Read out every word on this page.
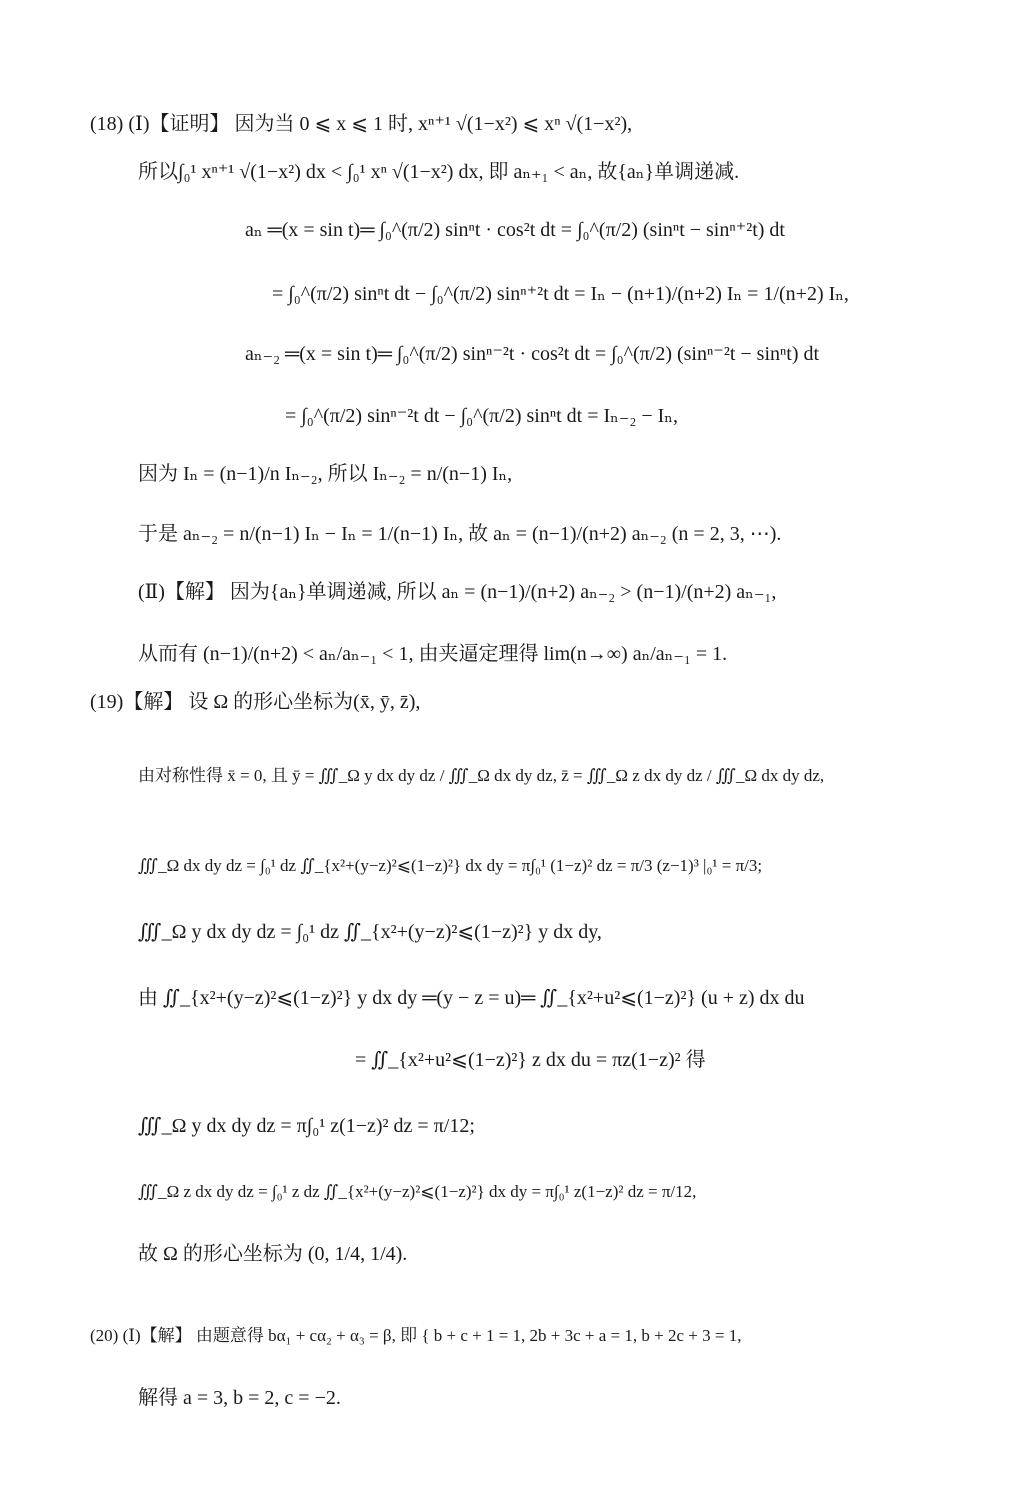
(18) (Ⅰ)【证明】 因为当 0 ⩽ x ⩽ 1 时, xⁿ⁺¹ √(1−x²) ⩽ xⁿ √(1−x²),
所以∫₀¹ xⁿ⁺¹ √(1−x²) dx < ∫₀¹ xⁿ √(1−x²) dx, 即 aₙ₊₁ < aₙ, 故{aₙ}单调递减.
aₙ ═(x = sin t)═ ∫₀^(π/2) sinⁿt · cos²t dt = ∫₀^(π/2) (sinⁿt − sinⁿ⁺²t) dt
= ∫₀^(π/2) sinⁿt dt − ∫₀^(π/2) sinⁿ⁺²t dt = Iₙ − (n+1)/(n+2) Iₙ = 1/(n+2) Iₙ,
aₙ₋₂ ═(x = sin t)═ ∫₀^(π/2) sinⁿ⁻²t · cos²t dt = ∫₀^(π/2) (sinⁿ⁻²t − sinⁿt) dt
= ∫₀^(π/2) sinⁿ⁻²t dt − ∫₀^(π/2) sinⁿt dt = Iₙ₋₂ − Iₙ,
因为 Iₙ = (n−1)/n Iₙ₋₂, 所以 Iₙ₋₂ = n/(n−1) Iₙ,
于是 aₙ₋₂ = n/(n−1) Iₙ − Iₙ = 1/(n−1) Iₙ, 故 aₙ = (n−1)/(n+2) aₙ₋₂ (n = 2, 3, ⋯).
(Ⅱ)【解】 因为{aₙ}单调递减, 所以 aₙ = (n−1)/(n+2) aₙ₋₂ > (n−1)/(n+2) aₙ₋₁,
从而有 (n−1)/(n+2) < aₙ/aₙ₋₁ < 1, 由夹逼定理得 lim(n→∞) aₙ/aₙ₋₁ = 1.
(19)【解】 设 Ω 的形心坐标为(x̄, ȳ, z̄),
由对称性得 x̄ = 0, 且 ȳ = ∭_Ω y dx dy dz / ∭_Ω dx dy dz, z̄ = ∭_Ω z dx dy dz / ∭_Ω dx dy dz,
∭_Ω dx dy dz = ∫₀¹ dz ∬_{x²+(y−z)²⩽(1−z)²} dx dy = π∫₀¹ (1−z)² dz = π/3 (z−1)³ |₀¹ = π/3;
∭_Ω y dx dy dz = ∫₀¹ dz ∬_{x²+(y−z)²⩽(1−z)²} y dx dy,
由 ∬_{x²+(y−z)²⩽(1−z)²} y dx dy ═(y − z = u)═ ∬_{x²+u²⩽(1−z)²} (u + z) dx du
= ∬_{x²+u²⩽(1−z)²} z dx du = πz(1−z)² 得
∭_Ω y dx dy dz = π∫₀¹ z(1−z)² dz = π/12;
∭_Ω z dx dy dz = ∫₀¹ z dz ∬_{x²+(y−z)²⩽(1−z)²} dx dy = π∫₀¹ z(1−z)² dz = π/12,
故 Ω 的形心坐标为 (0, 1/4, 1/4).
(20) (Ⅰ)【解】 由题意得 bα₁ + cα₂ + α₃ = β, 即 { b + c + 1 = 1, 2b + 3c + a = 1, b + 2c + 3 = 1,
解得 a = 3, b = 2, c = −2.
